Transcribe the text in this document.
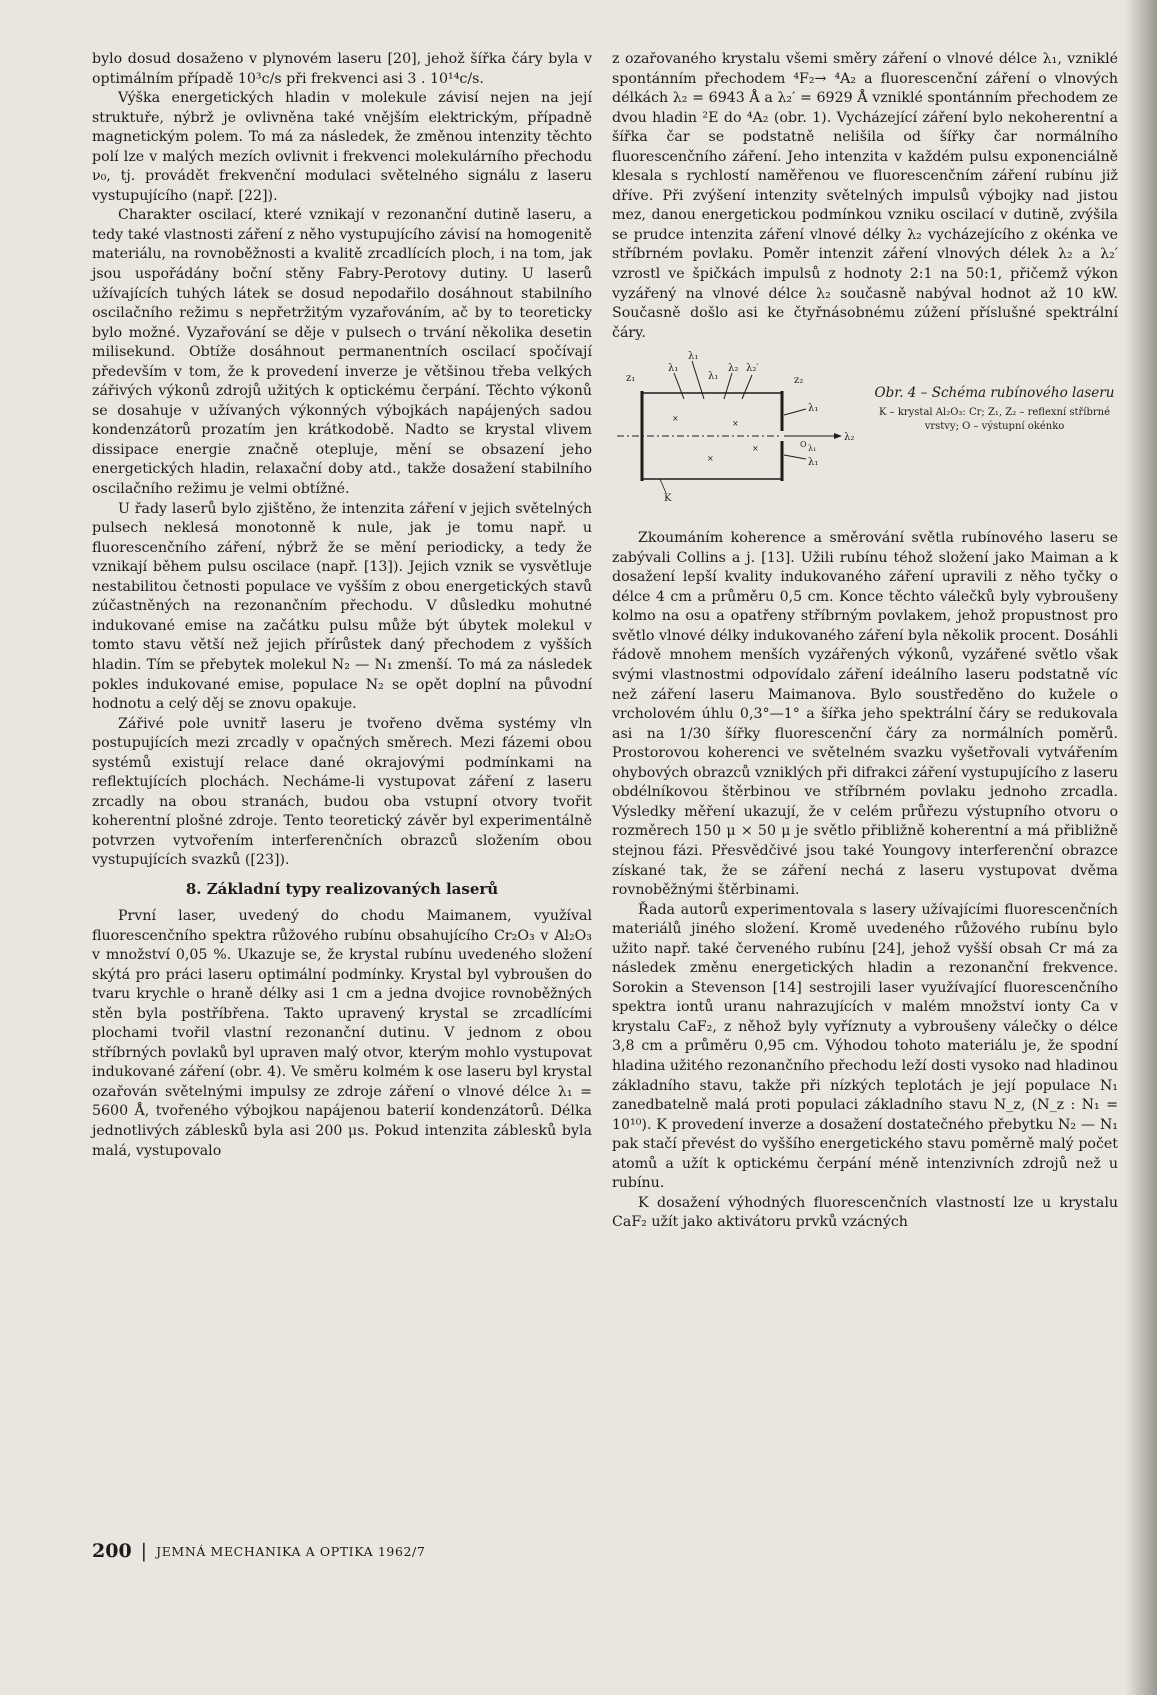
bylo dosud dosaženo v plynovém laseru [20], jehož šířka čáry byla v optimálním případě 10³c/s při frekvenci asi 3 . 10¹⁴c/s.

Výška energetických hladin v molekule závisí nejen na její struktuře, nýbrž je ovlivněna také vnějším elektrickým, případně magnetickým polem. To má za následek, že změnou intenzity těchto polí lze v malých mezích ovlivnit i frekvenci molekulárního přechodu ν₀, tj. provádět frekvenční modulaci světelného signálu z laseru vystupujícího (např. [22]).

Charakter oscilací, které vznikají v rezonanční dutině laseru, a tedy také vlastnosti záření z něho vystupujícího závisí na homogenitě materiálu, na rovnoběžnosti a kvalitě zrcadlících ploch, i na tom, jak jsou uspořádány boční stěny Fabry-Perotovy dutiny. U laserů užívajících tuhých látek se dosud nepodařilo dosáhnout stabilního oscilačního režimu s nepřetržitým vyzařováním, ač by to teoreticky bylo možné. Vyzařování se děje v pulsech o trvání několika desetin milisekund. Obtíže dosáhnout permanentních oscilací spočívají především v tom, že k provedení inverze je většinou třeba velkých zářivých výkonů zdrojů užitých k optickému čerpání. Těchto výkonů se dosahuje v užívaných výkonných výbojkách napájených sadou kondenzátorů prozatím jen krátkodobě. Nadto se krystal vlivem dissipace energie značně otepluje, mění se obsazení jeho energetických hladin, relaxační doby atd., takže dosažení stabilního oscilačního režimu je velmi obtížné.

U řady laserů bylo zjištěno, že intenzita záření v jejich světelných pulsech neklesá monotonně k nule, jak je tomu např. u fluorescenčního záření, nýbrž že se mění periodicky, a tedy že vznikají během pulsu oscilace (např. [13]). Jejich vznik se vysvětluje nestabilitou četnosti populace ve vyšším z obou energetických stavů zúčastněných na rezonančním přechodu. V důsledku mohutné indukované emise na začátku pulsu může být úbytek molekul v tomto stavu větší než jejich přírůstek daný přechodem z vyšších hladin. Tím se přebytek molekul N₂ — N₁ zmenší. To má za následek pokles indukované emise, populace N₂ se opět doplní na původní hodnotu a celý děj se znovu opakuje.

Zářivé pole uvnitř laseru je tvořeno dvěma systémy vln postupujících mezi zrcadly v opačných směrech. Mezi fázemi obou systémů existují relace dané okrajovými podmínkami na reflektujících plochách. Necháme-li vystupovat záření z laseru zrcadly na obou stranách, budou oba vstupní otvory tvořit koherentní plošné zdroje. Tento teoretický závěr byl experimentálně potvrzen vytvořením interferenčních obrazců složením obou vystupujících svazků ([23]).

8. Základní typy realizovaných laserů

První laser, uvedený do chodu Maimanem, využíval fluorescenčního spektra růžového rubínu obsahujícího Cr₂O₃ v Al₂O₃ v množství 0,05 %. Ukazuje se, že krystal rubínu uvedeného složení skýtá pro práci laseru optimální podmínky. Krystal byl vybroušen do tvaru krychle o hraně délky asi 1 cm a jedna dvojice rovnoběžných stěn byla postříbřena. Takto upravený krystal se zrcadlícími plochami tvořil vlastní rezonanční dutinu. V jednom z obou stříbrných povlaků byl upraven malý otvor, kterým mohlo vystupovat indukované záření (obr. 4). Ve směru kolmém k ose laseru byl krystal ozařován světelnými impulsy ze zdroje záření o vlnové délce λ₁ = 5600 Å, tvořeného výbojkou napájenou baterií kondenzátorů. Délka jednotlivých záblesků byla asi 200 μs. Pokud intenzita záblesků byla malá, vystupovalo

z ozařovaného krystalu všemi směry záření o vlnové délce λ₁, vzniklé spontánním přechodem ⁴F₂→ ⁴A₂ a fluorescenční záření o vlnových délkách λ₂ = 6943 Å a λ₂′ = 6929 Å vzniklé spontánním přechodem ze dvou hladin ²E do ⁴A₂ (obr. 1). Vycházející záření bylo nekoherentní a šířka čar se podstatně nelišila od šířky čar normálního fluorescenčního záření. Jeho intenzita v každém pulsu exponenciálně klesala s rychlostí naměřenou ve fluorescenčním záření rubínu již dříve. Při zvýšení intenzity světelných impulsů výbojky nad jistou mez, danou energetickou podmínkou vzniku oscilací v dutině, zvýšila se prudce intenzita záření vlnové délky λ₂ vycházejícího z okénka ve stříbrném povlaku. Poměr intenzit záření vlnových délek λ₂ a λ₂′ vzrostl ve špičkách impulsů z hodnoty 2:1 na 50:1, přičemž výkon vyzářený na vlnové délce λ₂ současně nabýval hodnot až 10 kW. Současně došlo asi ke čtyřnásobnému zúžení příslušné spektrální čáry.

×
×
×
×
z₁
λ₁
λ₁
λ₁
λ₂ λ₂′
z₂
λ₁
λ₂
O λ₁
λ₁
K
Obr. 4 – Schéma rubínového laseru
K – krystal Al₂O₃: Cr; Z₁, Z₂ – reflexní stříbrné vrstvy; O – výstupní okénko

Zkoumáním koherence a směrování světla rubínového laseru se zabývali Collins a j. [13]. Užili rubínu téhož složení jako Maiman a k dosažení lepší kvality indukovaného záření upravili z něho tyčky o délce 4 cm a průměru 0,5 cm. Konce těchto válečků byly vybroušeny kolmo na osu a opatřeny stříbrným povlakem, jehož propustnost pro světlo vlnové délky indukovaného záření byla několik procent. Dosáhli řádově mnohem menších vyzářených výkonů, vyzářené světlo však svými vlastnostmi odpovídalo záření ideálního laseru podstatně víc než záření laseru Maimanova. Bylo soustředěno do kužele o vrcholovém úhlu 0,3°—1° a šířka jeho spektrální čáry se redukovala asi na 1/30 šířky fluorescenční čáry za normálních poměrů. Prostorovou koherenci ve světelném svazku vyšetřovali vytvářením ohybových obrazců vzniklých při difrakci záření vystupujícího z laseru obdélníkovou štěrbinou ve stříbrném povlaku jednoho zrcadla. Výsledky měření ukazují, že v celém průřezu výstupního otvoru o rozměrech 150 μ × 50 μ je světlo přibližně koherentní a má přibližně stejnou fázi. Přesvědčivé jsou také Youngovy interferenční obrazce získané tak, že se záření nechá z laseru vystupovat dvěma rovnoběžnými štěrbinami.

Řada autorů experimentovala s lasery užívajícími fluorescenčních materiálů jiného složení. Kromě uvedeného růžového rubínu bylo užito např. také červeného rubínu [24], jehož vyšší obsah Cr má za následek změnu energetických hladin a rezonanční frekvence. Sorokin a Stevenson [14] sestrojili laser využívající fluorescenčního spektra iontů uranu nahrazujících v malém množství ionty Ca v krystalu CaF₂, z něhož byly vyříznuty a vybroušeny válečky o délce 3,8 cm a průměru 0,95 cm. Výhodou tohoto materiálu je, že spodní hladina užitého rezonančního přechodu leží dosti vysoko nad hladinou základního stavu, takže při nízkých teplotách je její populace N₁ zanedbatelně malá proti populaci základního stavu N_z, (N_z : N₁ = 10¹⁰). K provedení inverze a dosažení dostatečného přebytku N₂ — N₁ pak stačí převést do vyššího energetického stavu poměrně malý počet atomů a užít k optickému čerpání méně intenzivních zdrojů než u rubínu.

K dosažení výhodných fluorescenčních vlastností lze u krystalu CaF₂ užít jako aktivátoru prvků vzácných

200 | JEMNÁ MECHANIKA A OPTIKA 1962/7
